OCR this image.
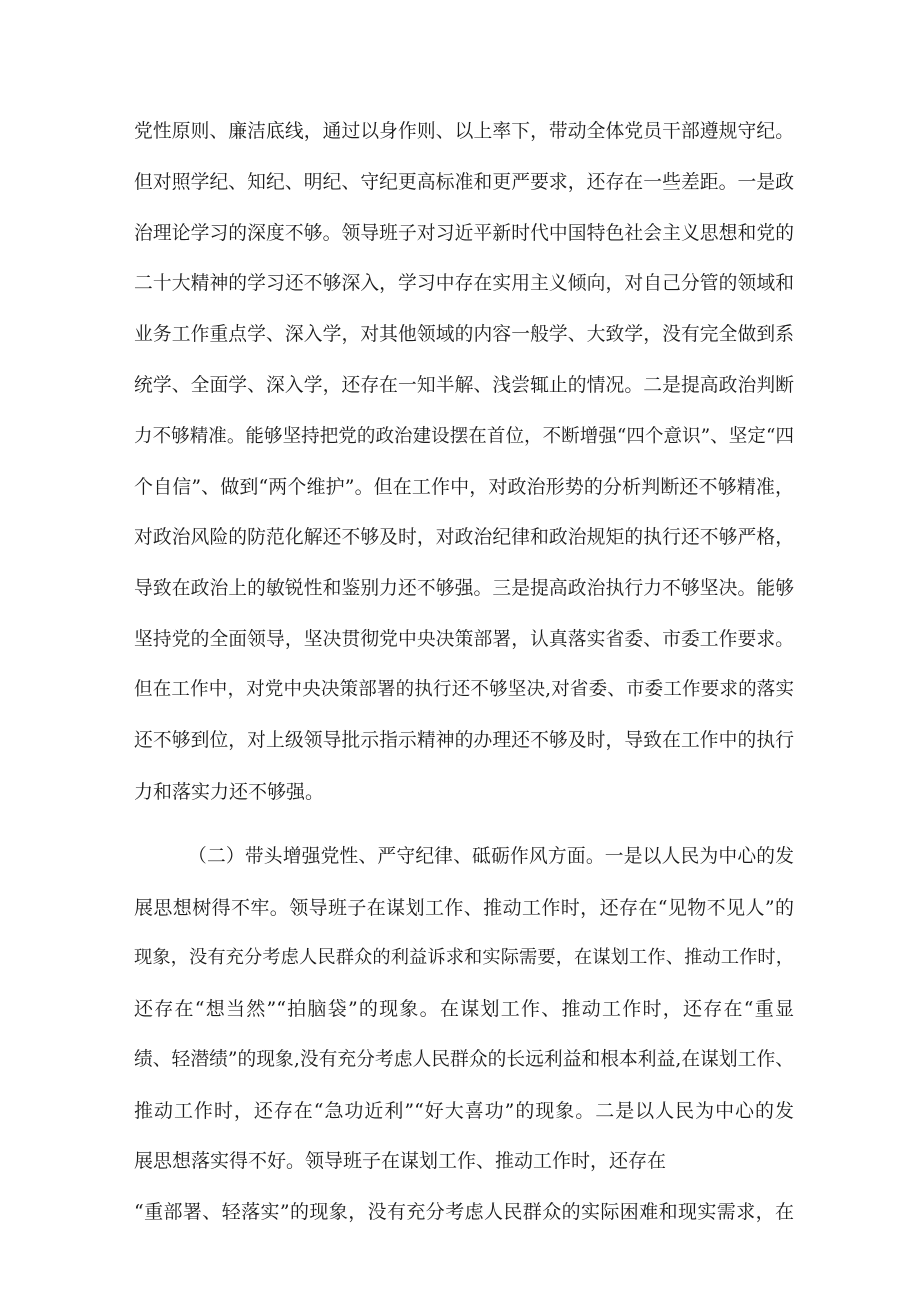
党性原则、廉洁底线，通过以身作则、以上率下，带动全体党员干部遵规守纪。
但对照学纪、知纪、明纪、守纪更高标准和更严要求，还存在一些差距。一是政
治理论学习的深度不够。领导班子对习近平新时代中国特色社会主义思想和党的
二十大精神的学习还不够深入，学习中存在实用主义倾向，对自己分管的领域和
业务工作重点学、深入学，对其他领域的内容一般学、大致学，没有完全做到系
统学、全面学、深入学，还存在一知半解、浅尝辄止的情况。二是提高政治判断
力不够精准。能够坚持把党的政治建设摆在首位，不断增强“四个意识”、坚定“四
个自信”、做到“两个维护”。但在工作中，对政治形势的分析判断还不够精准，
对政治风险的防范化解还不够及时，对政治纪律和政治规矩的执行还不够严格，
导致在政治上的敏锐性和鉴别力还不够强。三是提高政治执行力不够坚决。能够
坚持党的全面领导，坚决贯彻党中央决策部署，认真落实省委、市委工作要求。
但在工作中，对党中央决策部署的执行还不够坚决,对省委、市委工作要求的落实
还不够到位，对上级领导批示指示精神的办理还不够及时，导致在工作中的执行
力和落实力还不够强。
（二）带头增强党性、严守纪律、砥砺作风方面。一是以人民为中心的发
展思想树得不牢。领导班子在谋划工作、推动工作时，还存在“见物不见人”的
现象，没有充分考虑人民群众的利益诉求和实际需要，在谋划工作、推动工作时，
还存在“想当然”“拍脑袋”的现象。在谋划工作、推动工作时，还存在“重显
绩、轻潜绩”的现象,没有充分考虑人民群众的长远利益和根本利益,在谋划工作、
推动工作时，还存在“急功近利”“好大喜功”的现象。二是以人民为中心的发
展思想落实得不好。领导班子在谋划工作、推动工作时，还存在
“重部署、轻落实”的现象，没有充分考虑人民群众的实际困难和现实需求，在
